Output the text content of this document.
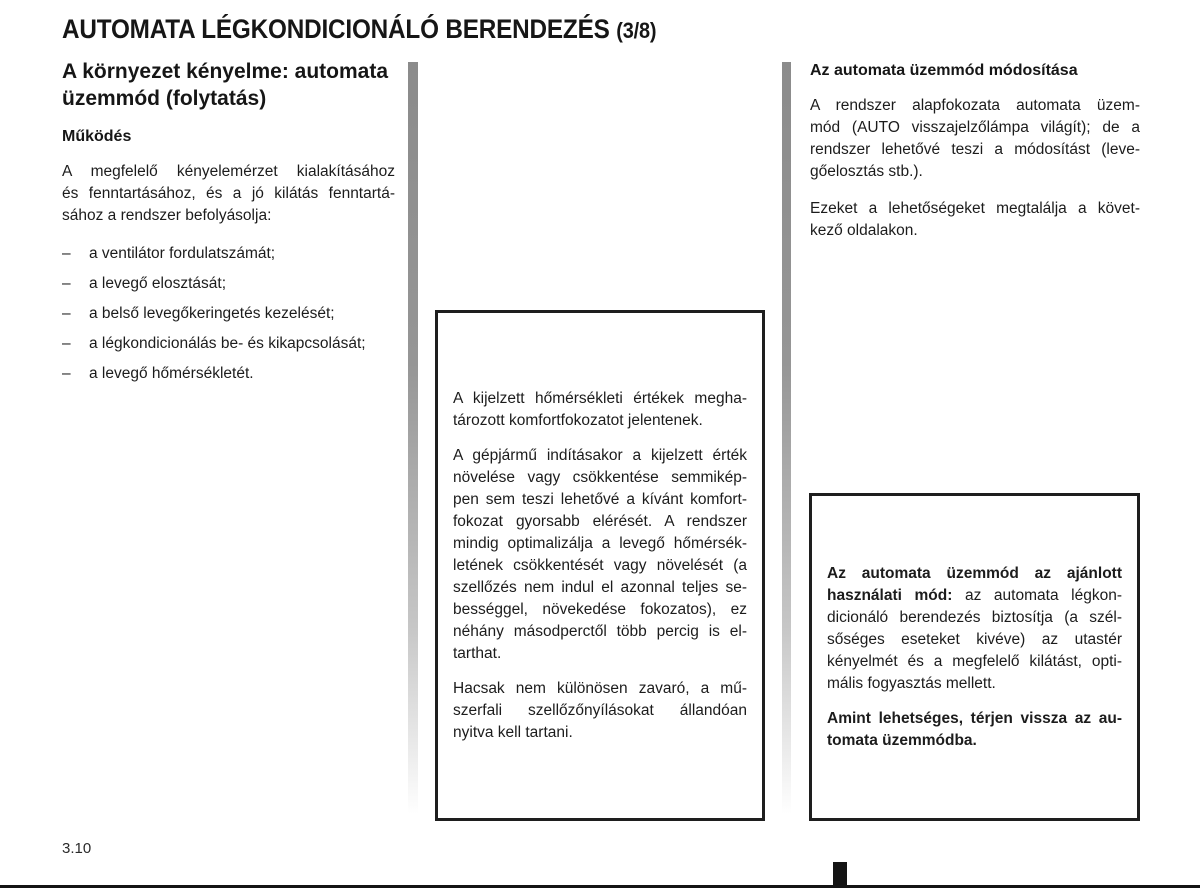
AUTOMATA LÉGKONDICIONÁLÓ BERENDEZÉS (3/8)
A környezet kényelme: automata
üzemmód (folytatás)
Működés
A megfelelő kényelemérzet kialakításához
és fenntartásához, és a jó kilátás fenntartá-
sához a rendszer befolyásolja:
–	a ventilátor fordulatszámát;
–	a levegő elosztását;
–	a belső levegőkeringetés kezelését;
–	a légkondicionálás be- és kikapcsolását;
–	a levegő hőmérsékletét.
A kijelzett hőmérsékleti értékek megha-
tározott komfortfokozatot jelentenek.
A gépjármű indításakor a kijelzett érték
növelése vagy csökkentése semmikép-
pen sem teszi lehetővé a kívánt komfort-
fokozat gyorsabb elérését. A rendszer
mindig optimalizálja a levegő hőmérsék-
letének csökkentését vagy növelését (a
szellőzés nem indul el azonnal teljes se-
bességgel, növekedése fokozatos), ez
néhány másodperctől több percig is el-
tarthat.
Hacsak nem különösen zavaró, a mű-
szerfali szellőzőnyílásokat állandóan
nyitva kell tartani.
Az automata üzemmód módosítása
A rendszer alapfokozata automata üzem-
mód (AUTO visszajelzőlámpa világít); de a
rendszer lehetővé teszi a módosítást (leve-
gőelosztás stb.).
Ezeket a lehetőségeket megtalálja a követ-
kező oldalakon.
Az automata üzemmód az ajánlott
használati mód: az automata légkon-
dicionáló berendezés biztosítja (a szél-
sőséges eseteket kivéve) az utastér
kényelmét és a megfelelő kilátást, opti-
mális fogyasztás mellett.
Amint lehetséges, térjen vissza az au-
tomata üzemmódba.
3.10
